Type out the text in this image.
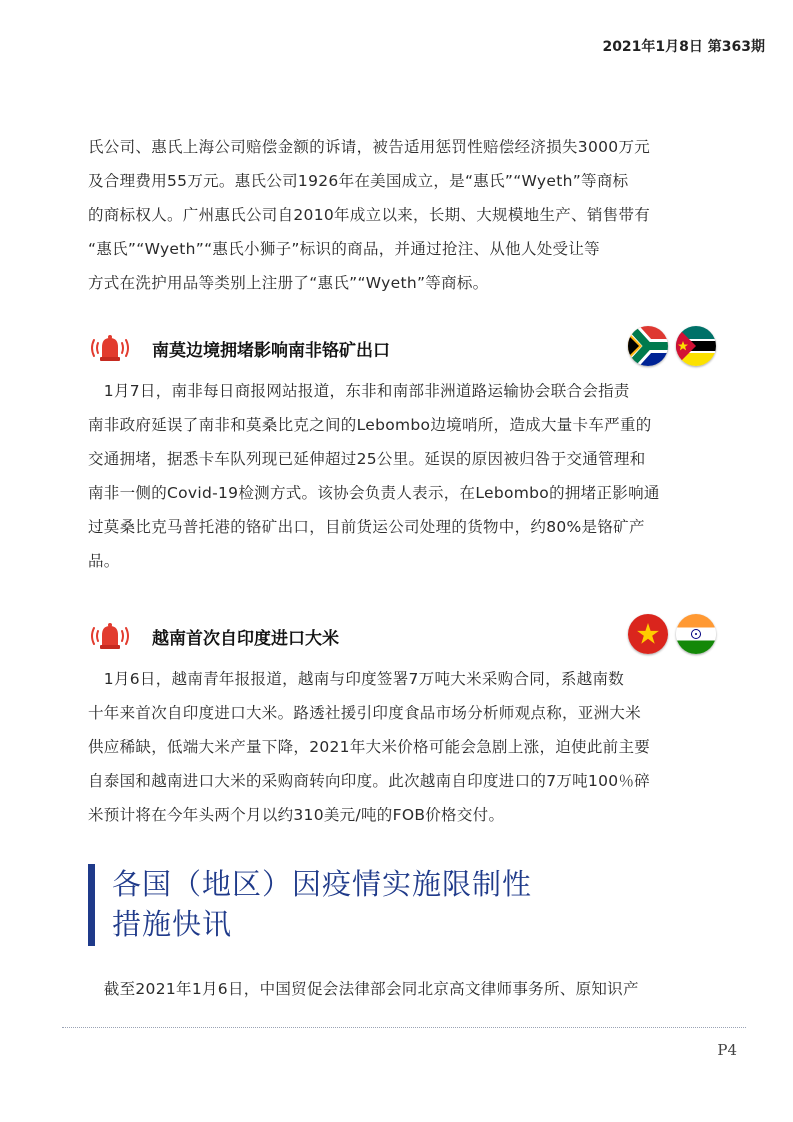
2021年1月8日 第363期
氏公司、惠氏上海公司赔偿金额的诉请，被告适用惩罚性赔偿经济损失3000万元
及合理费用55万元。惠氏公司1926年在美国成立，是“惠氏”“Wyeth”等商标
的商标权人。广州惠氏公司自2010年成立以来，长期、大规模地生产、销售带有
“惠氏”“Wyeth”“惠氏小狮子”标识的商品，并通过抢注、从他人处受让等
方式在洗护用品等类别上注册了“惠氏”“Wyeth”等商标。
南莫边境拥堵影响南非铬矿出口
　1月7日，南非每日商报网站报道，东非和南部非洲道路运输协会联合会指责
南非政府延误了南非和莫桑比克之间的Lebombo边境哨所，造成大量卡车严重的
交通拥堵，据悉卡车队列现已延伸超过25公里。延误的原因被归咎于交通管理和
南非一侧的Covid-19检测方式。该协会负责人表示，在Lebombo的拥堵正影响通
过莫桑比克马普托港的铬矿出口，目前货运公司处理的货物中，约80%是铬矿产
品。
越南首次自印度进口大米
　1月6日，越南青年报报道，越南与印度签署7万吨大米采购合同，系越南数
十年来首次自印度进口大米。路透社援引印度食品市场分析师观点称，亚洲大米
供应稀缺，低端大米产量下降，2021年大米价格可能会急剧上涨，迫使此前主要
自泰国和越南进口大米的采购商转向印度。此次越南自印度进口的7万吨100％碎
米预计将在今年头两个月以约310美元/吨的FOB价格交付。
各国（地区）因疫情实施限制性
措施快讯
　截至2021年1月6日，中国贸促会法律部会同北京高文律师事务所、原知识产
P4
